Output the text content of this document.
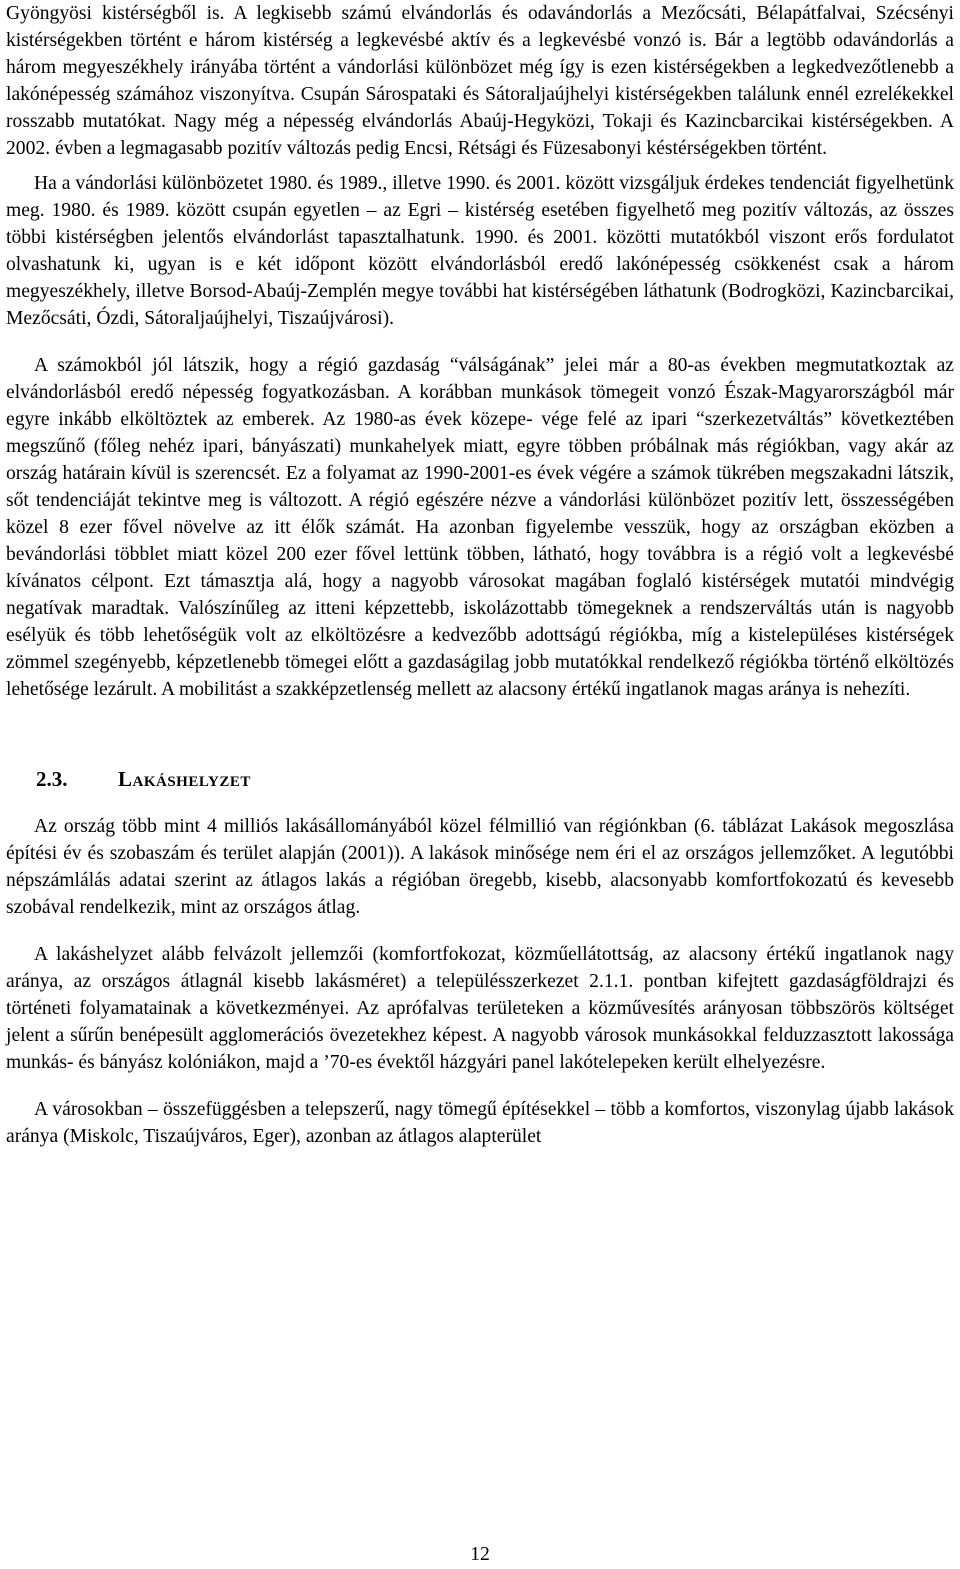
Gyöngyösi kistérségből is. A legkisebb számú elvándorlás és odavándorlás a Mezőcsáti, Bélapátfalvai, Szécsényi kistérségekben történt e három kistérség a legkevésbé aktív és a legkevésbé vonzó is. Bár a legtöbb odavándorlás a három megyeszékhely irányába történt a vándorlási különbözet még így is ezen kistérségekben a legkedvezőtlenebb a lakónépesség számához viszonyítva. Csupán Sárospataki és Sátoraljaújhelyi kistérségekben találunk ennél ezrelékekkel rosszabb mutatókat. Nagy még a népesség elvándorlás Abaúj-Hegyközi, Tokaji és Kazincbarcikai kistérségekben. A 2002. évben a legmagasabb pozitív változás pedig Encsi, Rétsági és Füzesabonyi késtérségekben történt.

Ha a vándorlási különbözetet 1980. és 1989., illetve 1990. és 2001. között vizsgáljuk érdekes tendenciát figyelhetünk meg. 1980. és 1989. között csupán egyetlen – az Egri – kistérség esetében figyelhető meg pozitív változás, az összes többi kistérségben jelentős elvándorlást tapasztalhatunk. 1990. és 2001. közötti mutatókból viszont erős fordulatot olvashatunk ki, ugyan is e két időpont között elvándorlásból eredő lakónépesség csökkenést csak a három megyeszékhely, illetve Borsod-Abaúj-Zemplén megye további hat kistérségében láthatunk (Bodrogközi, Kazincbarcikai, Mezőcsáti, Ózdi, Sátoraljaújhelyi, Tiszaújvárosi).

A számokból jól látszik, hogy a régió gazdaság “válságának” jelei már a 80-as években megmutatkoztak az elvándorlásból eredő népesség fogyatkozásban. A korábban munkások tömegeit vonzó Észak-Magyarországból már egyre inkább elköltöztek az emberek. Az 1980-as évek közepe- vége felé az ipari “szerkezetváltás” következtében megszűnő (főleg nehéz ipari, bányászati) munkahelyek miatt, egyre többen próbálnak más régiókban, vagy akár az ország határain kívül is szerencsét. Ez a folyamat az 1990-2001-es évek végére a számok tükrében megszakadni látszik, sőt tendenciáját tekintve meg is változott. A régió egészére nézve a vándorlási különbözet pozitív lett, összességében közel 8 ezer fővel növelve az itt élők számát. Ha azonban figyelembe vesszük, hogy az országban eközben a bevándorlási többlet miatt közel 200 ezer fővel lettünk többen, látható, hogy továbbra is a régió volt a legkevésbé kívánatos célpont. Ezt támasztja alá, hogy a nagyobb városokat magában foglaló kistérségek mutatói mindvégig negatívak maradtak. Valószínűleg az itteni képzettebb, iskolázottabb tömegeknek a rendszerváltás után is nagyobb esélyük és több lehetőségük volt az elköltözésre a kedvezőbb adottságú régiókba, míg a kistelepüléses kistérségek zömmel szegényebb, képzetlenebb tömegei előtt a gazdaságilag jobb mutatókkal rendelkező régiókba történő elköltözés lehetősége lezárult. A mobilitást a szakképzetlenség mellett az alacsony értékű ingatlanok magas aránya is nehezíti.

2.3. Lakáshelyzet

Az ország több mint 4 milliós lakásállományából közel félmillió van régiónkban (6. táblázat Lakások megoszlása építési év és szobaszám és terület alapján (2001)). A lakások minősége nem éri el az országos jellemzőket. A legutóbbi népszámlálás adatai szerint az átlagos lakás a régióban öregebb, kisebb, alacsonyabb komfortfokozatú és kevesebb szobával rendelkezik, mint az országos átlag.

A lakáshelyzet alább felvázolt jellemzői (komfortfokozat, közműellátottság, az alacsony értékű ingatlanok nagy aránya, az országos átlagnál kisebb lakásméret) a településszerkezet 2.1.1. pontban kifejtett gazdaságföldrajzi és történeti folyamatainak a következményei. Az aprófalvas területeken a közművesítés arányosan többszörös költséget jelent a sűrűn benépesült agglomerációs övezetekhez képest. A nagyobb városok munkásokkal felduzzasztott lakossága munkás- és bányász kolóniákon, majd a ’70-es évektől házgyári panel lakótelepeken került elhelyezésre.

A városokban – összefüggésben a telepszerű, nagy tömegű építésekkel – több a komfortos, viszonylag újabb lakások aránya (Miskolc, Tiszaújváros, Eger), azonban az átlagos alapterület

12
